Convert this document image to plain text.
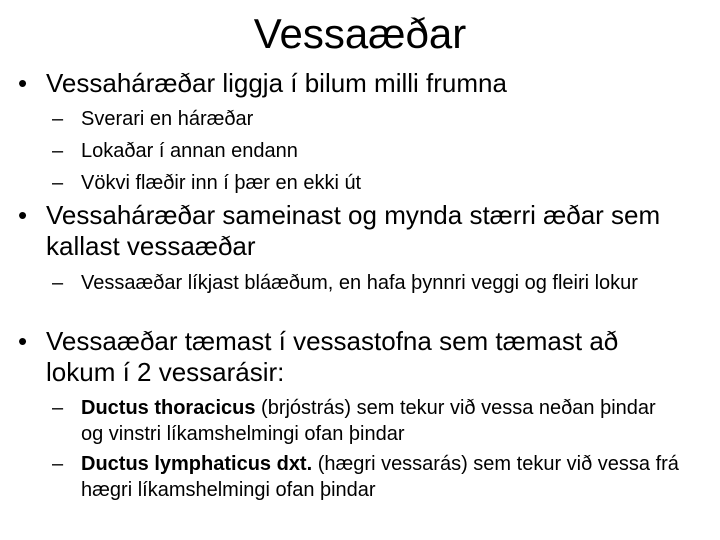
Vessaæðar
• Vessaháræðar liggja í bilum milli frumna
– Sverari en háræðar
– Lokaðar í annan endann
– Vökvi flæðir inn í þær en ekki út
• Vessaháræðar sameinast og mynda stærri æðar sem kallast vessaæðar
– Vessaæðar líkjast bláæðum, en hafa þynnri veggi og fleiri lokur
• Vessaæðar tæmast í vessastofna sem tæmast að lokum í 2 vessarásir:
– Ductus thoracicus (brjóstrás) sem tekur við vessa neðan þindar og vinstri líkamshelmingi ofan þindar
– Ductus lymphaticus dxt. (hægri vessarás) sem tekur við vessa frá hægri líkamshelmingi ofan þindar
